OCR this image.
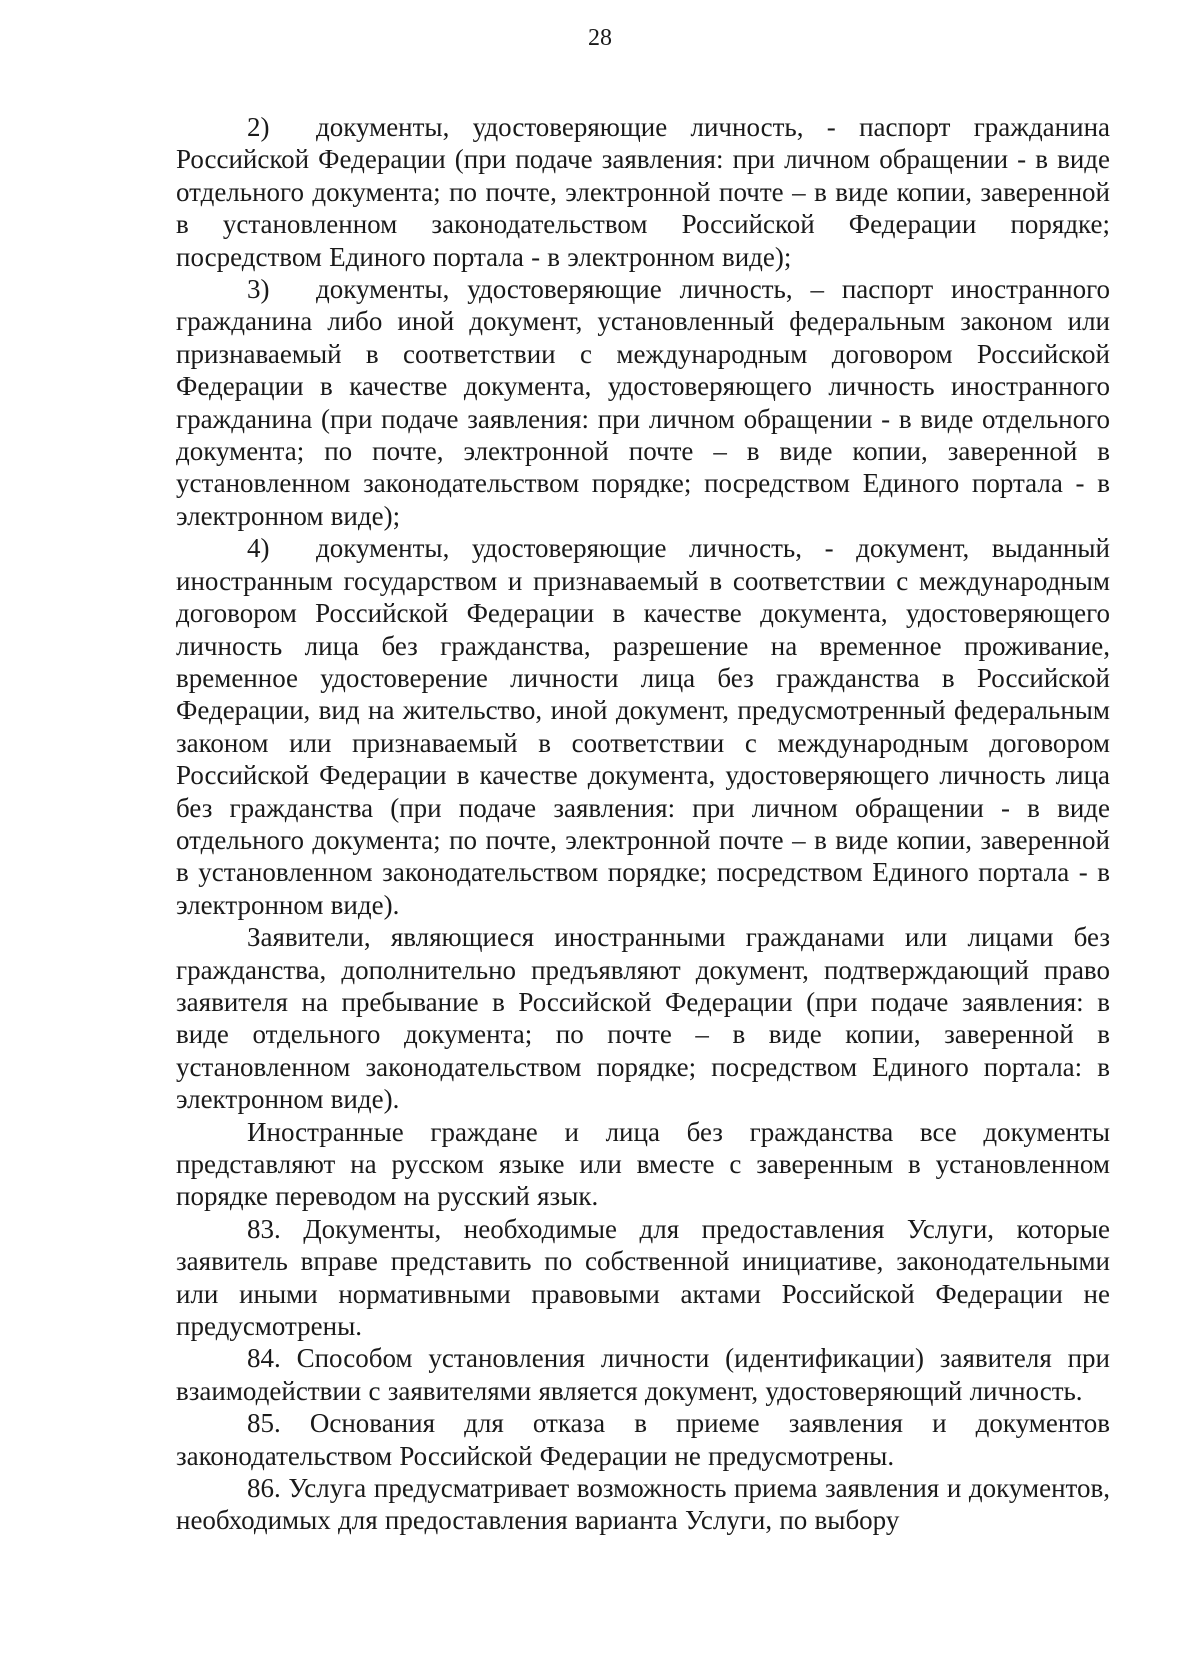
28

2) документы, удостоверяющие личность, - паспорт гражданина Российской Федерации (при подаче заявления: при личном обращении - в виде отдельного документа; по почте, электронной почте – в виде копии, заверенной в установленном законодательством Российской Федерации порядке; посредством Единого портала - в электронном виде);

3) документы, удостоверяющие личность, – паспорт иностранного гражданина либо иной документ, установленный федеральным законом или признаваемый в соответствии с международным договором Российской Федерации в качестве документа, удостоверяющего личность иностранного гражданина (при подаче заявления: при личном обращении - в виде отдельного документа; по почте, электронной почте – в виде копии, заверенной в установленном законодательством порядке; посредством Единого портала - в электронном виде);

4) документы, удостоверяющие личность, - документ, выданный иностранным государством и признаваемый в соответствии с международным договором Российской Федерации в качестве документа, удостоверяющего личность лица без гражданства, разрешение на временное проживание, временное удостоверение личности лица без гражданства в Российской Федерации, вид на жительство, иной документ, предусмотренный федеральным законом или признаваемый в соответствии с международным договором Российской Федерации в качестве документа, удостоверяющего личность лица без гражданства (при подаче заявления: при личном обращении - в виде отдельного документа; по почте, электронной почте – в виде копии, заверенной в установленном законодательством порядке; посредством Единого портала - в электронном виде).

Заявители, являющиеся иностранными гражданами или лицами без гражданства, дополнительно предъявляют документ, подтверждающий право заявителя на пребывание в Российской Федерации (при подаче заявления: в виде отдельного документа; по почте – в виде копии, заверенной в установленном законодательством порядке; посредством Единого портала: в электронном виде).

Иностранные граждане и лица без гражданства все документы представляют на русском языке или вместе с заверенным в установленном порядке переводом на русский язык.

83. Документы, необходимые для предоставления Услуги, которые заявитель вправе представить по собственной инициативе, законодательными или иными нормативными правовыми актами Российской Федерации не предусмотрены.

84. Способом установления личности (идентификации) заявителя при взаимодействии с заявителями является документ, удостоверяющий личность.

85. Основания для отказа в приеме заявления и документов законодательством Российской Федерации не предусмотрены.

86. Услуга предусматривает возможность приема заявления и документов, необходимых для предоставления варианта Услуги, по выбору
